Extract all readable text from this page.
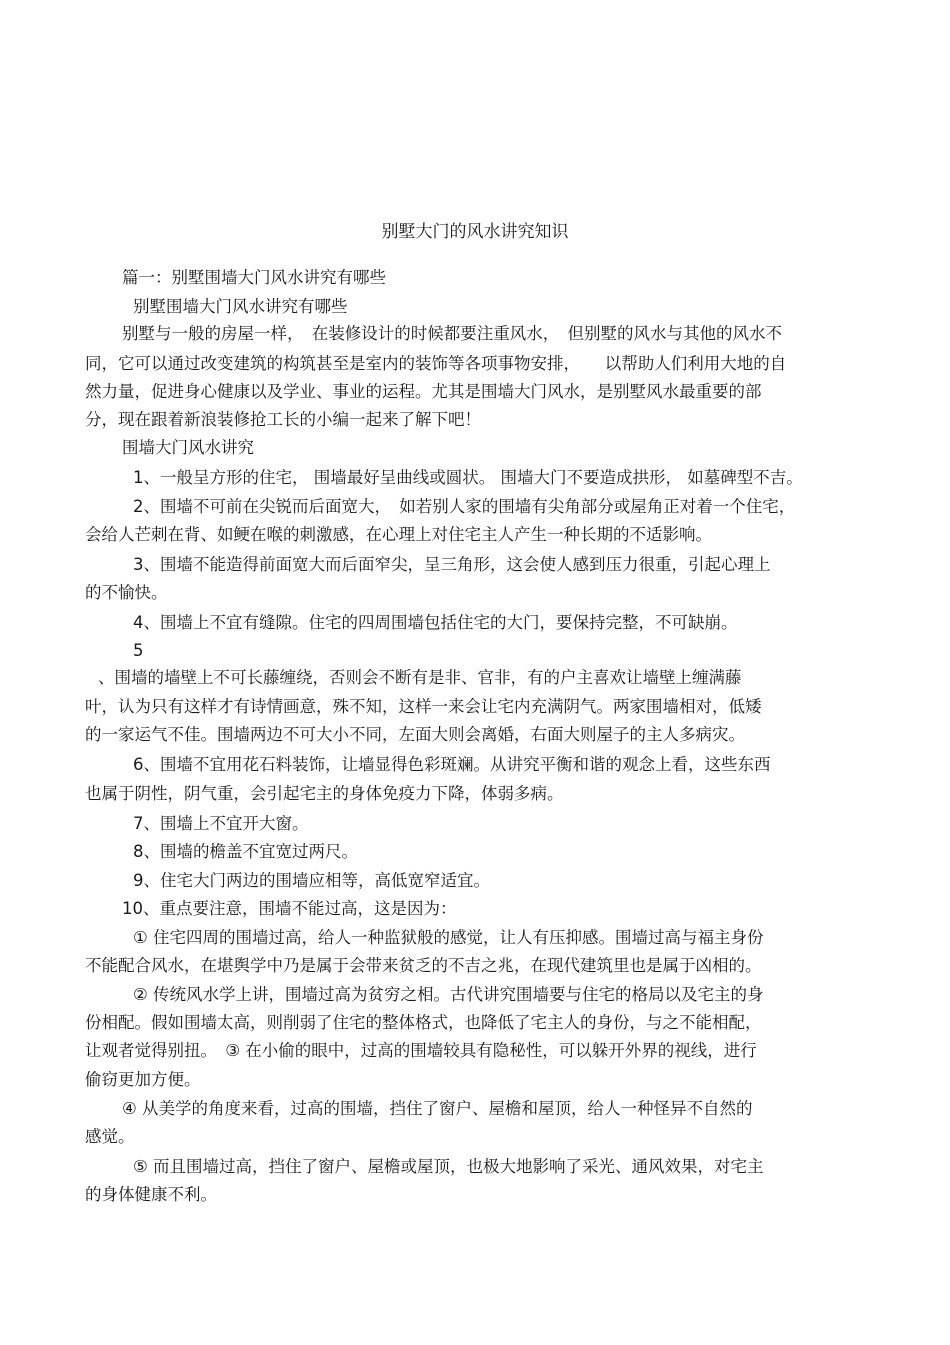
别墅大门的风水讲究知识
篇一：别墅围墙大门风水讲究有哪些
别墅围墙大门风水讲究有哪些
别墅与一般的房屋一样，　在装修设计的时候都要注重风水，　但别墅的风水与其他的风水不
同，它可以通过改变建筑的构筑甚至是室内的装饰等各项事物安排，　　以帮助人们利用大地的自
然力量，促进身心健康以及学业、事业的运程。尤其是围墙大门风水，是别墅风水最重要的部
分，现在跟着新浪装修抢工长的小编一起来了解下吧！
围墙大门风水讲究
1、一般呈方形的住宅， 围墙最好呈曲线或圆状。 围墙大门不要造成拱形， 如墓碑型不吉。
2、围墙不可前在尖锐而后面宽大，　如若别人家的围墙有尖角部分或屋角正对着一个住宅，
会给人芒刺在背、如鲠在喉的刺激感，在心理上对住宅主人产生一种长期的不适影响。
3、围墙不能造得前面宽大而后面窄尖，呈三角形，这会使人感到压力很重，引起心理上
的不愉快。
4、围墙上不宜有缝隙。住宅的四周围墙包括住宅的大门，要保持完整，不可缺崩。
5
、围墙的墙壁上不可长藤缠绕，否则会不断有是非、官非，有的户主喜欢让墙壁上缠满藤
叶，认为只有这样才有诗情画意，殊不知，这样一来会让宅内充满阴气。两家围墙相对，低矮
的一家运气不佳。围墙两边不可大小不同，左面大则会离婚，右面大则屋子的主人多病灾。
6、围墙不宜用花石料装饰，让墙显得色彩斑斓。从讲究平衡和谐的观念上看，这些东西
也属于阴性，阴气重，会引起宅主的身体免疫力下降，体弱多病。
7、围墙上不宜开大窗。
8、围墙的檐盖不宜宽过两尺。
9、住宅大门两边的围墙应相等，高低宽窄适宜。
10、重点要注意，围墙不能过高，这是因为：
① 住宅四周的围墙过高，给人一种监狱般的感觉，让人有压抑感。围墙过高与福主身份
不能配合风水，在堪舆学中乃是属于会带来贫乏的不吉之兆，在现代建筑里也是属于凶相的。
② 传统风水学上讲，围墙过高为贫穷之相。古代讲究围墙要与住宅的格局以及宅主的身
份相配。假如围墙太高，则削弱了住宅的整体格式，也降低了宅主人的身份，与之不能相配，
让观者觉得别扭。　③ 在小偷的眼中，过高的围墙较具有隐秘性，可以躲开外界的视线，进行
偷窃更加方便。
④ 从美学的角度来看，过高的围墙，挡住了窗户、屋檐和屋顶，给人一种怪异不自然的
感觉。
⑤ 而且围墙过高，挡住了窗户、屋檐或屋顶，也极大地影响了采光、通风效果，对宅主
的身体健康不利。
